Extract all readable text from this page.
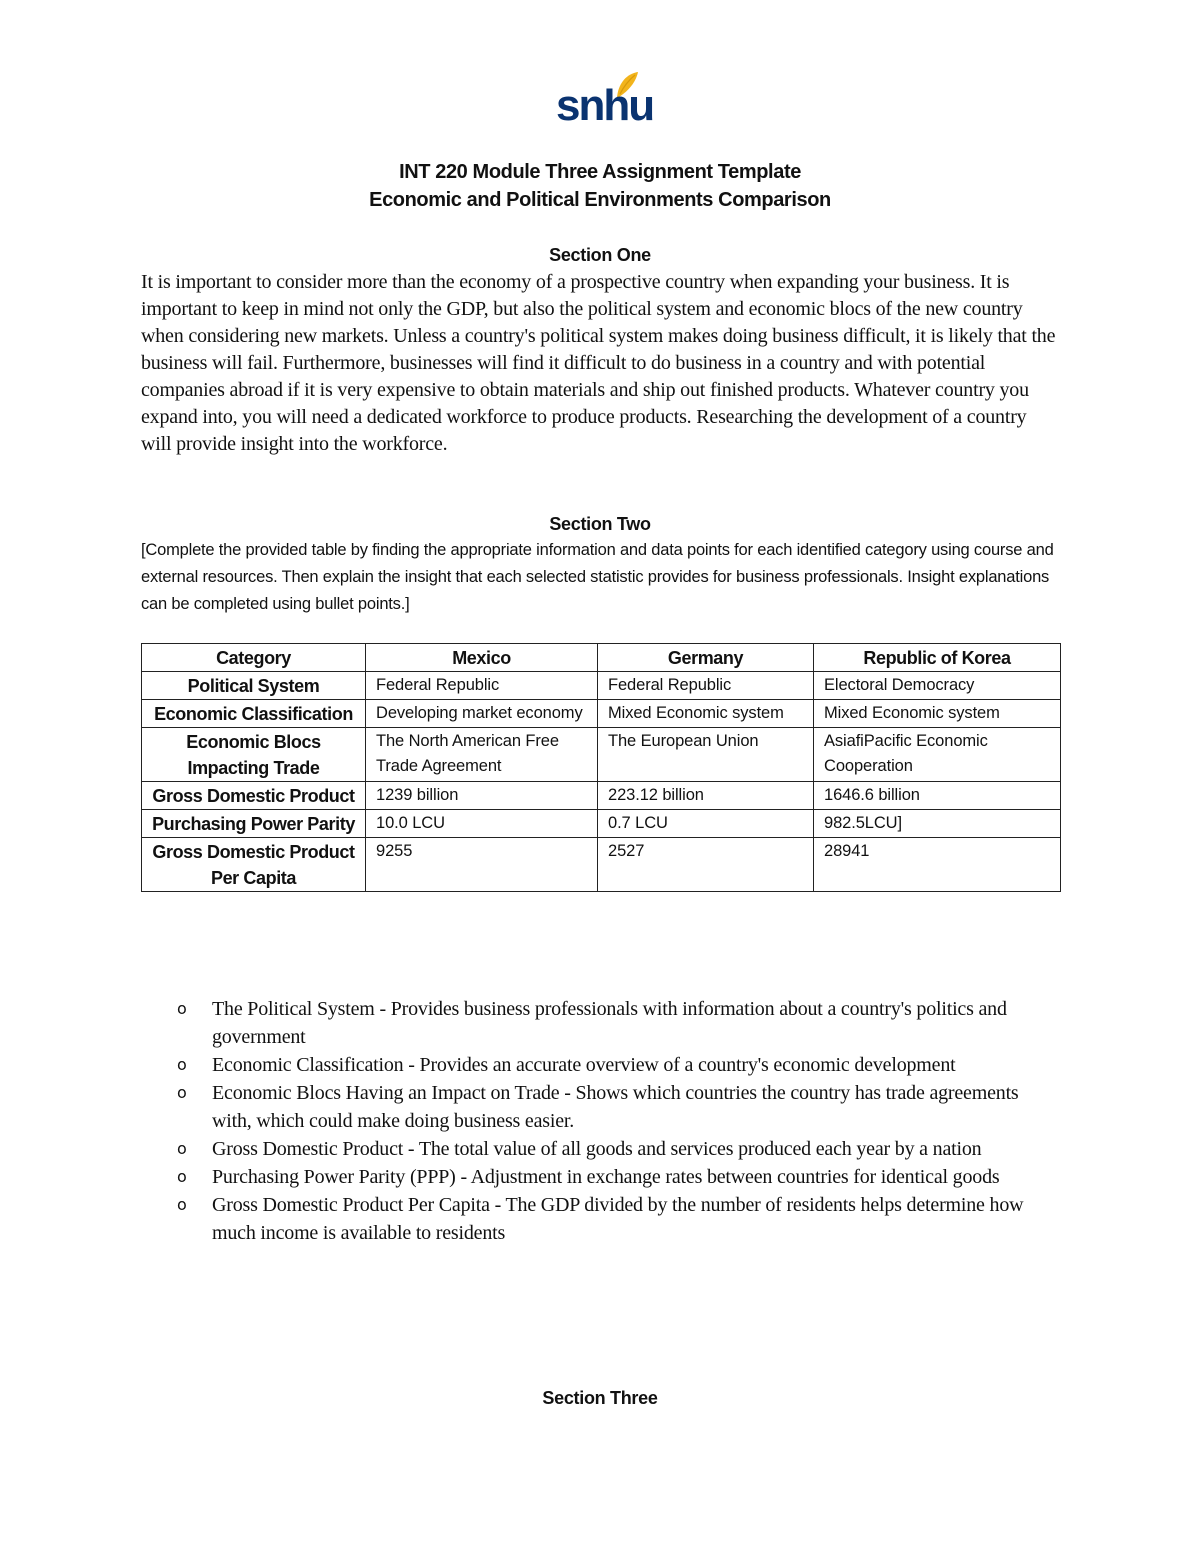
snhu
INT 220 Module Three Assignment Template
Economic and Political Environments Comparison
Section One
It is important to consider more than the economy of a prospective country when expanding your business. It is important to keep in mind not only the GDP, but also the political system and economic blocs of the new country when considering new markets. Unless a country's political system makes doing business difficult, it is likely that the business will fail. Furthermore, businesses will find it difficult to do business in a country and with potential companies abroad if it is very expensive to obtain materials and ship out finished products. Whatever country you expand into, you will need a dedicated workforce to produce products. Researching the development of a country will provide insight into the workforce.
Section Two
[Complete the provided table by finding the appropriate information and data points for each identified category using course and external resources. Then explain the insight that each selected statistic provides for business professionals. Insight explanations can be completed using bullet points.]
Category	Mexico	Germany	Republic of Korea
Political System	Federal Republic	Federal Republic	Electoral Democracy
Economic Classification	Developing market economy	Mixed Economic system	Mixed Economic system
Economic Blocs Impacting Trade	The North American Free Trade Agreement	The European Union	AsiafiPacific Economic Cooperation
Gross Domestic Product	1239 billion	223.12 billion	1646.6 billion
Purchasing Power Parity	10.0 LCU	0.7 LCU	982.5LCU]
Gross Domestic Product Per Capita	9255	2527	28941
o The Political System - Provides business professionals with information about a country's politics and government
o Economic Classification - Provides an accurate overview of a country's economic development
o Economic Blocs Having an Impact on Trade - Shows which countries the country has trade agreements with, which could make doing business easier.
o Gross Domestic Product - The total value of all goods and services produced each year by a nation
o Purchasing Power Parity (PPP) - Adjustment in exchange rates between countries for identical goods
o Gross Domestic Product Per Capita - The GDP divided by the number of residents helps determine how much income is available to residents
Section Three
